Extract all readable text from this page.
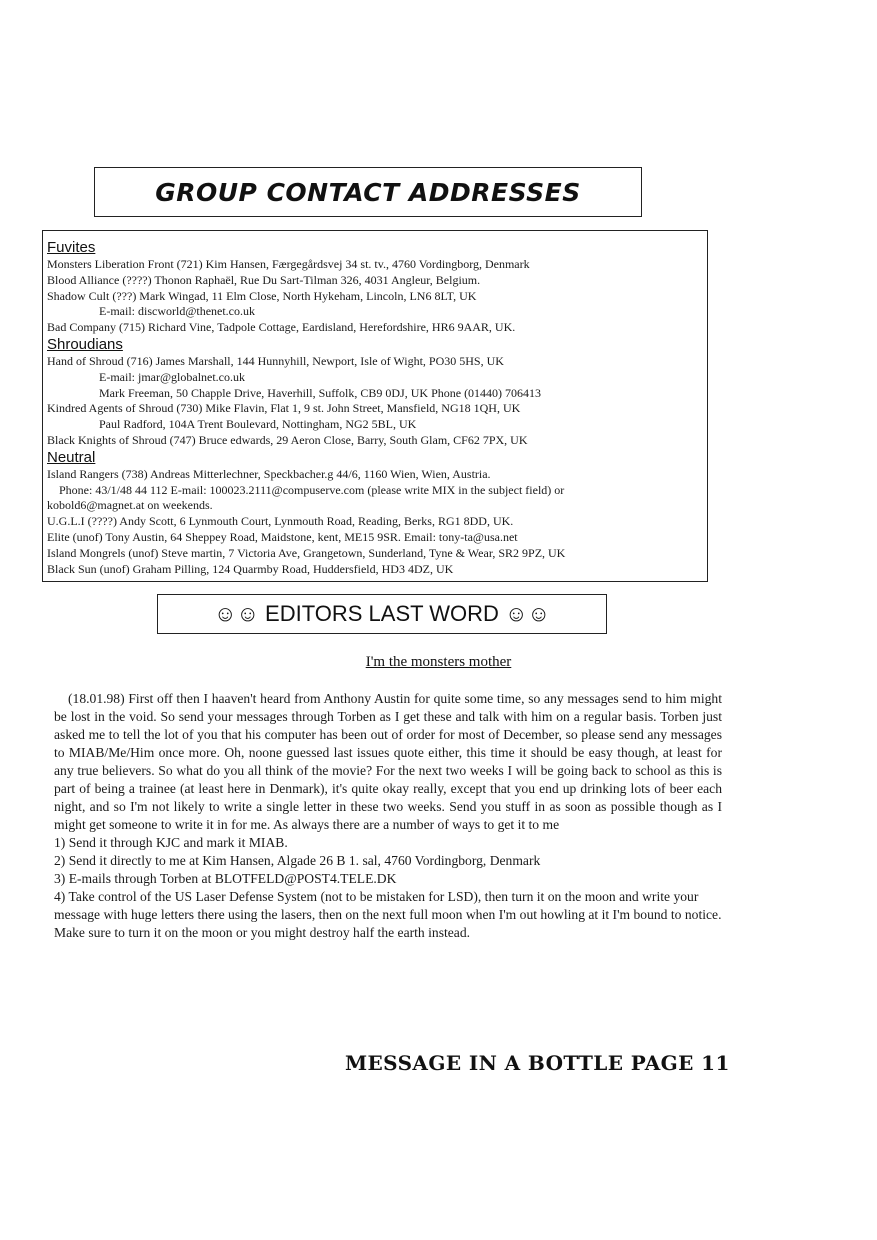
GROUP CONTACT ADDRESSES
Fuvites
Monsters Liberation Front (721) Kim Hansen, Færgegårdsvej 34 st. tv., 4760 Vordingborg, Denmark
Blood Alliance (????) Thonon Raphaël, Rue Du Sart-Tilman 326, 4031 Angleur, Belgium.
Shadow Cult (???) Mark Wingad, 11 Elm Close, North Hykeham, Lincoln, LN6 8LT, UK
E-mail: discworld@thenet.co.uk
Bad Company (715) Richard Vine, Tadpole Cottage, Eardisland, Herefordshire, HR6 9AAR, UK.
Shroudians
Hand of Shroud (716) James Marshall, 144 Hunnyhill, Newport, Isle of Wight, PO30 5HS, UK
E-mail: jmar@globalnet.co.uk
Mark Freeman, 50 Chapple Drive, Haverhill, Suffolk, CB9 0DJ, UK Phone (01440) 706413
Kindred Agents of Shroud (730) Mike Flavin, Flat 1, 9 st. John Street, Mansfield, NG18 1QH, UK
Paul Radford, 104A Trent Boulevard, Nottingham, NG2 5BL, UK
Black Knights of Shroud (747) Bruce edwards, 29 Aeron Close, Barry, South Glam, CF62 7PX, UK
Neutral
Island Rangers (738) Andreas Mitterlechner, Speckbacher.g 44/6, 1160 Wien, Wien, Austria.
Phone: 43/1/48 44 112 E-mail: 100023.2111@compuserve.com (please write MIX in the subject field) or
kobold6@magnet.at on weekends.
U.G.L.I (????) Andy Scott, 6 Lynmouth Court, Lynmouth Road, Reading, Berks, RG1 8DD, UK.
Elite (unof) Tony Austin, 64 Sheppey Road, Maidstone, kent, ME15 9SR. Email: tony-ta@usa.net
Island Mongrels (unof) Steve martin, 7 Victoria Ave, Grangetown, Sunderland, Tyne & Wear, SR2 9PZ, UK
Black Sun (unof) Graham Pilling, 124 Quarmby Road, Huddersfield, HD3 4DZ, UK
☺☺ EDITORS LAST WORD ☺☺
I'm the monsters mother

(18.01.98) First off then I haaven't heard from Anthony Austin for quite some time, so any messages send to him might be lost in the void. So send your messages through Torben as I get these and talk with him on a regular basis. Torben just asked me to tell the lot of you that his computer has been out of order for most of December, so please send any messages to MIAB/Me/Him once more. Oh, noone guessed last issues quote either, this time it should be easy though, at least for any true believers. So what do you all think of the movie? For the next two weeks I will be going back to school as this is part of being a trainee (at least here in Denmark), it's quite okay really, except that you end up drinking lots of beer each night, and so I'm not likely to write a single letter in these two weeks. Send you stuff in as soon as possible though as I might get someone to write it in for me. As always there are a number of ways to get it to me

1) Send it through KJC and mark it MIAB.
2) Send it directly to me at Kim Hansen, Algade 26 B 1. sal, 4760 Vordingborg, Denmark
3) E-mails through Torben at BLOTFELD@POST4.TELE.DK
4) Take control of the US Laser Defense System (not to be mistaken for LSD), then turn it on the moon and write your message with huge letters there using the lasers, then on the next full moon when I'm out howling at it I'm bound to notice. Make sure to turn it on the moon or you might destroy half the earth instead.
MESSAGE IN A BOTTLE PAGE 11
